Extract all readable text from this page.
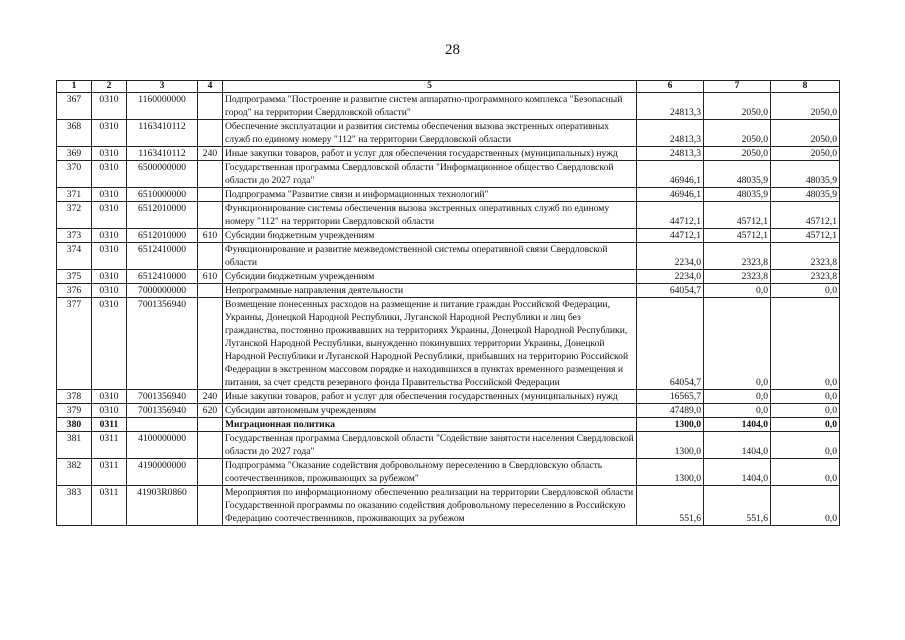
28
1	2	3	4	5	6	7	8
367	0310	1160000000		Подпрограмма "Построение и развитие систем аппаратно-программного комплекса "Безопасный город" на территории Свердловской области"	24813,3	2050,0	2050,0
368	0310	1163410112		Обеспечение эксплуатации и развития системы обеспечения вызова экстренных оперативных служб по единому номеру "112" на территории Свердловской области	24813,3	2050,0	2050,0
369	0310	1163410112	240	Иные закупки товаров, работ и услуг для обеспечения государственных (муниципальных) нужд	24813,3	2050,0	2050,0
370	0310	6500000000		Государственная программа Свердловской области "Информационное общество Свердловской области до 2027 года"	46946,1	48035,9	48035,9
371	0310	6510000000		Подпрограмма "Развитие связи и информационных технологий"	46946,1	48035,9	48035,9
372	0310	6512010000		Функционирование системы обеспечения вызова экстренных оперативных служб по единому номеру "112" на территории Свердловской области	44712,1	45712,1	45712,1
373	0310	6512010000	610	Субсидии бюджетным учреждениям	44712,1	45712,1	45712,1
374	0310	6512410000		Функционирование и развитие межведомственной системы оперативной связи Свердловской области	2234,0	2323,8	2323,8
375	0310	6512410000	610	Субсидии бюджетным учреждениям	2234,0	2323,8	2323,8
376	0310	7000000000		Непрограммные направления деятельности	64054,7	0,0	0,0
377	0310	7001356940		Возмещение понесенных расходов на размещение и питание граждан Российской Федерации, Украины, Донецкой Народной Республики, Луганской Народной Республики и лиц без гражданства, постоянно проживавших на территориях Украины, Донецкой Народной Республики, Луганской Народной Республики, вынужденно покинувших территории Украины, Донецкой Народной Республики и Луганской Народной Республики, прибывших на территорию Российской Федерации в экстренном массовом порядке и находившихся в пунктах временного размещения и питания, за счет средств резервного фонда Правительства Российской Федерации	64054,7	0,0	0,0
378	0310	7001356940	240	Иные закупки товаров, работ и услуг для обеспечения государственных (муниципальных) нужд	16565,7	0,0	0,0
379	0310	7001356940	620	Субсидии автономным учреждениям	47489,0	0,0	0,0
380	0311			Миграционная политика	1300,0	1404,0	0,0
381	0311	4100000000		Государственная программа Свердловской области "Содействие занятости населения Свердловской области до 2027 года"	1300,0	1404,0	0,0
382	0311	4190000000		Подпрограмма "Оказание содействия добровольному переселению в Свердловскую область соотечественников, проживающих за рубежом"	1300,0	1404,0	0,0
383	0311	41903R0860		Мероприятия по информационному обеспечению реализации на территории Свердловской области Государственной программы по оказанию содействия добровольному переселению в Российскую Федерацию соотечественников, проживающих за рубежом	551,6	551,6	0,0
